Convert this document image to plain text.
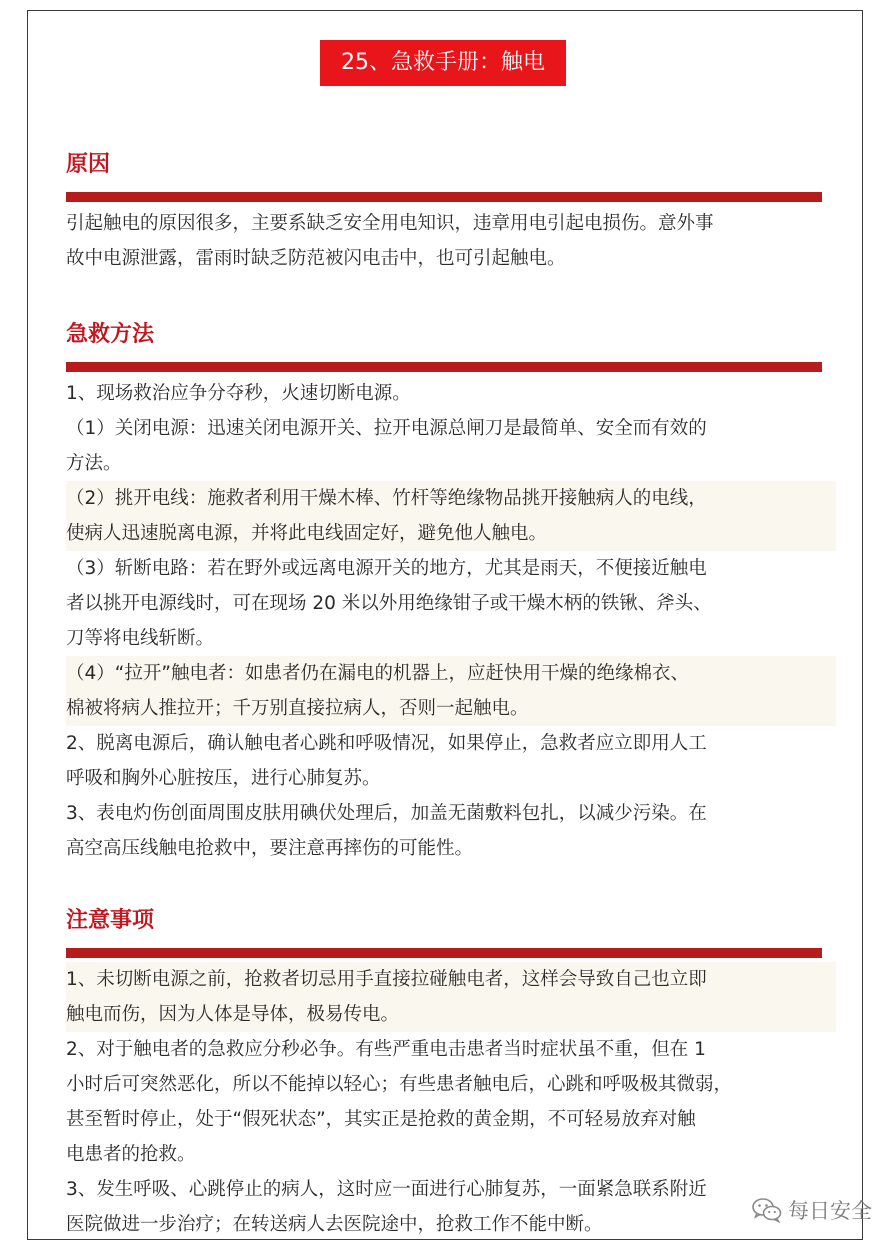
25、急救手册：触电
原因

引起触电的原因很多，主要系缺乏安全用电知识，违章用电引起电损伤。意外事

故中电源泄露，雷雨时缺乏防范被闪电击中，也可引起触电。

急救方法

1、现场救治应争分夺秒，火速切断电源。

（1）关闭电源：迅速关闭电源开关、拉开电源总闸刀是最简单、安全而有效的

方法。

（2）挑开电线：施救者利用干燥木棒、竹杆等绝缘物品挑开接触病人的电线，

使病人迅速脱离电源，并将此电线固定好，避免他人触电。

（3）斩断电路：若在野外或远离电源开关的地方，尤其是雨天，不便接近触电

者以挑开电源线时，可在现场 20 米以外用绝缘钳子或干燥木柄的铁锹、斧头、

刀等将电线斩断。

（4）“拉开”触电者：如患者仍在漏电的机器上，应赶快用干燥的绝缘棉衣、

棉被将病人推拉开；千万别直接拉病人，否则一起触电。

2、脱离电源后，确认触电者心跳和呼吸情况，如果停止，急救者应立即用人工

呼吸和胸外心脏按压，进行心肺复苏。

3、表电灼伤创面周围皮肤用碘伏处理后，加盖无菌敷料包扎，以减少污染。在

高空高压线触电抢救中，要注意再摔伤的可能性。

注意事项

1、未切断电源之前，抢救者切忌用手直接拉碰触电者，这样会导致自己也立即

触电而伤，因为人体是导体，极易传电。

2、对于触电者的急救应分秒必争。有些严重电击患者当时症状虽不重，但在 1

小时后可突然恶化，所以不能掉以轻心；有些患者触电后，心跳和呼吸极其微弱，

甚至暂时停止，处于“假死状态”，其实正是抢救的黄金期，不可轻易放弃对触

电患者的抢救。

3、发生呼吸、心跳停止的病人，这时应一面进行心肺复苏，一面紧急联系附近

医院做进一步治疗；在转送病人去医院途中，抢救工作不能中断。

每日安全
